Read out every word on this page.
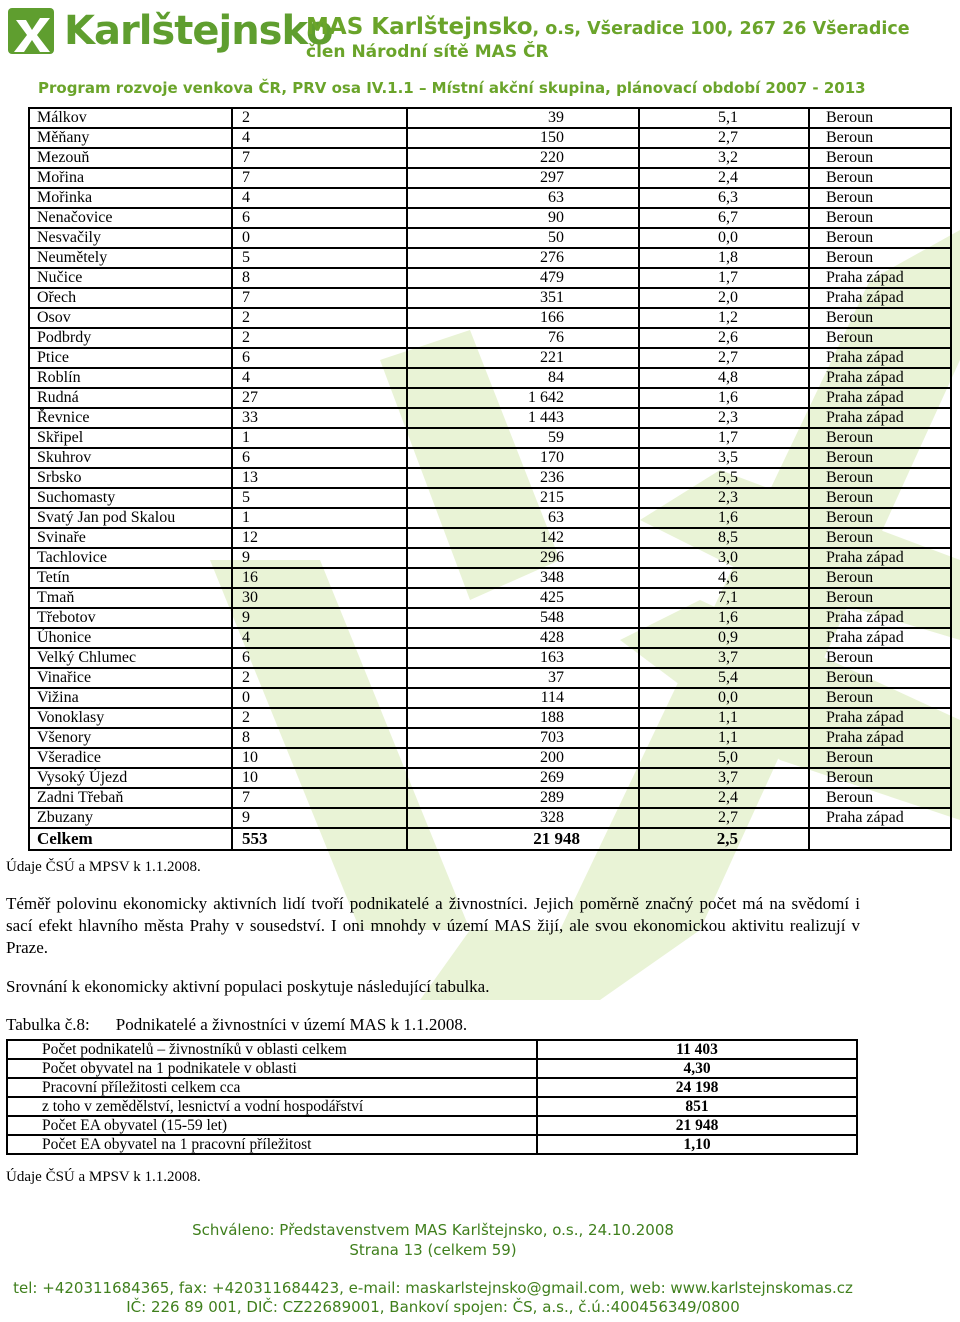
Karlštejnsko
MAS Karlštejnsko, o.s, Všeradice 100, 267 26 Všeradice
člen Národní sítě MAS ČR
Program rozvoje venkova ČR, PRV osa IV.1.1 – Místní akční skupina, plánovací období 2007 - 2013
Málkov	2	39	5,1	Beroun
Měňany	4	150	2,7	Beroun
Mezouň	7	220	3,2	Beroun
Mořina	7	297	2,4	Beroun
Mořinka	4	63	6,3	Beroun
Nenačovice	6	90	6,7	Beroun
Nesvačily	0	50	0,0	Beroun
Neumětely	5	276	1,8	Beroun
Nučice	8	479	1,7	Praha západ
Ořech	7	351	2,0	Praha západ
Osov	2	166	1,2	Beroun
Podbrdy	2	76	2,6	Beroun
Ptice	6	221	2,7	Praha západ
Roblín	4	84	4,8	Praha západ
Rudná	27	1 642	1,6	Praha západ
Řevnice	33	1 443	2,3	Praha západ
Skřipel	1	59	1,7	Beroun
Skuhrov	6	170	3,5	Beroun
Srbsko	13	236	5,5	Beroun
Suchomasty	5	215	2,3	Beroun
Svatý Jan pod Skalou	1	63	1,6	Beroun
Svinaře	12	142	8,5	Beroun
Tachlovice	9	296	3,0	Praha západ
Tetín	16	348	4,6	Beroun
Tmaň	30	425	7,1	Beroun
Třebotov	9	548	1,6	Praha západ
Úhonice	4	428	0,9	Praha západ
Velký Chlumec	6	163	3,7	Beroun
Vinařice	2	37	5,4	Beroun
Vižina	0	114	0,0	Beroun
Vonoklasy	2	188	1,1	Praha západ
Všenory	8	703	1,1	Praha západ
Všeradice	10	200	5,0	Beroun
Vysoký Újezd	10	269	3,7	Beroun
Zadni Třebaň	7	289	2,4	Beroun
Zbuzany	9	328	2,7	Praha západ
Celkem	553	21 948	2,5	
Údaje ČSÚ a MPSV k 1.1.2008.
Téměř polovinu ekonomicky aktivních lidí tvoří podnikatelé a živnostníci. Jejich poměrně značný počet má na svědomí i sací efekt hlavního města Prahy v sousedství. I oni mnohdy v území MAS žijí, ale svou ekonomickou aktivitu realizují v Praze.
Srovnání k ekonomicky aktivní populaci poskytuje následující tabulka.
Tabulka č.8: Podnikatelé a živnostníci v území MAS k 1.1.2008.
Počet podnikatelů – živnostníků v oblasti celkem	11 403
Počet obyvatel na 1 podnikatele v oblasti	4,30
Pracovní příležitosti celkem cca	24 198
z toho v zemědělství, lesnictví a vodní hospodářství	851
Počet EA obyvatel (15-59 let)	21 948
Počet EA obyvatel na 1 pracovní příležitost	1,10
Údaje ČSÚ a MPSV k 1.1.2008.
Schváleno: Představenstvem MAS Karlštejnsko, o.s., 24.10.2008
Strana 13 (celkem 59)
tel: +420311684365, fax: +420311684423, e-mail: maskarlstejnsko@gmail.com, web: www.karlstejnskomas.cz
IČ: 226 89 001, DIČ: CZ22689001, Bankoví spojen: ČS, a.s., č.ú.:400456349/0800
